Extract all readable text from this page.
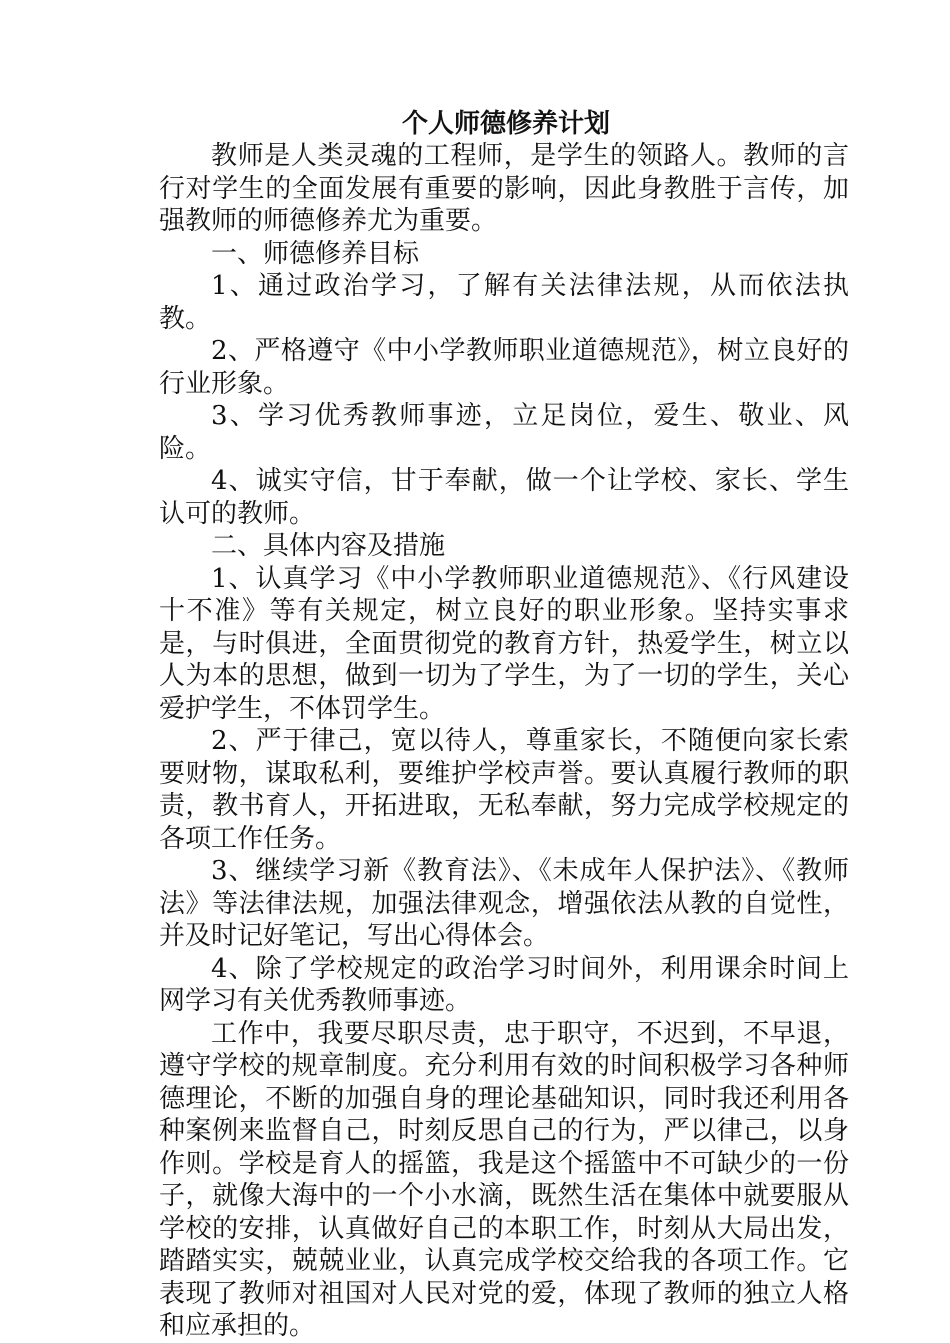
个人师德修养计划

教师是人类灵魂的工程师，是学生的领路人。教师的言行对学生的全面发展有重要的影响，因此身教胜于言传，加强教师的师德修养尤为重要。

一、师德修养目标

1、通过政治学习，了解有关法律法规，从而依法执教。

2、严格遵守《中小学教师职业道德规范》，树立良好的行业形象。

3、学习优秀教师事迹，立足岗位，爱生、敬业、风险。

4、诚实守信，甘于奉献，做一个让学校、家长、学生认可的教师。

二、具体内容及措施

1、认真学习《中小学教师职业道德规范》、《行风建设十不准》等有关规定，树立良好的职业形象。坚持实事求是，与时俱进，全面贯彻党的教育方针，热爱学生，树立以人为本的思想，做到一切为了学生，为了一切的学生，关心爱护学生，不体罚学生。

2、严于律己，宽以待人，尊重家长，不随便向家长索要财物，谋取私利，要维护学校声誉。要认真履行教师的职责，教书育人，开拓进取，无私奉献，努力完成学校规定的各项工作任务。

3、继续学习新《教育法》、《未成年人保护法》、《教师法》等法律法规，加强法律观念，增强依法从教的自觉性，并及时记好笔记，写出心得体会。

4、除了学校规定的政治学习时间外，利用课余时间上网学习有关优秀教师事迹。

工作中，我要尽职尽责，忠于职守，不迟到，不早退，遵守学校的规章制度。充分利用有效的时间积极学习各种师德理论，不断的加强自身的理论基础知识，同时我还利用各种案例来监督自己，时刻反思自己的行为，严以律己，以身作则。学校是育人的摇篮，我是这个摇篮中不可缺少的一份子，就像大海中的一个小水滴，既然生活在集体中就要服从学校的安排，认真做好自己的本职工作，时刻从大局出发，踏踏实实，兢兢业业，认真完成学校交给我的各项工作。它表现了教师对祖国对人民对党的爱，体现了教师的独立人格和应承担的。
